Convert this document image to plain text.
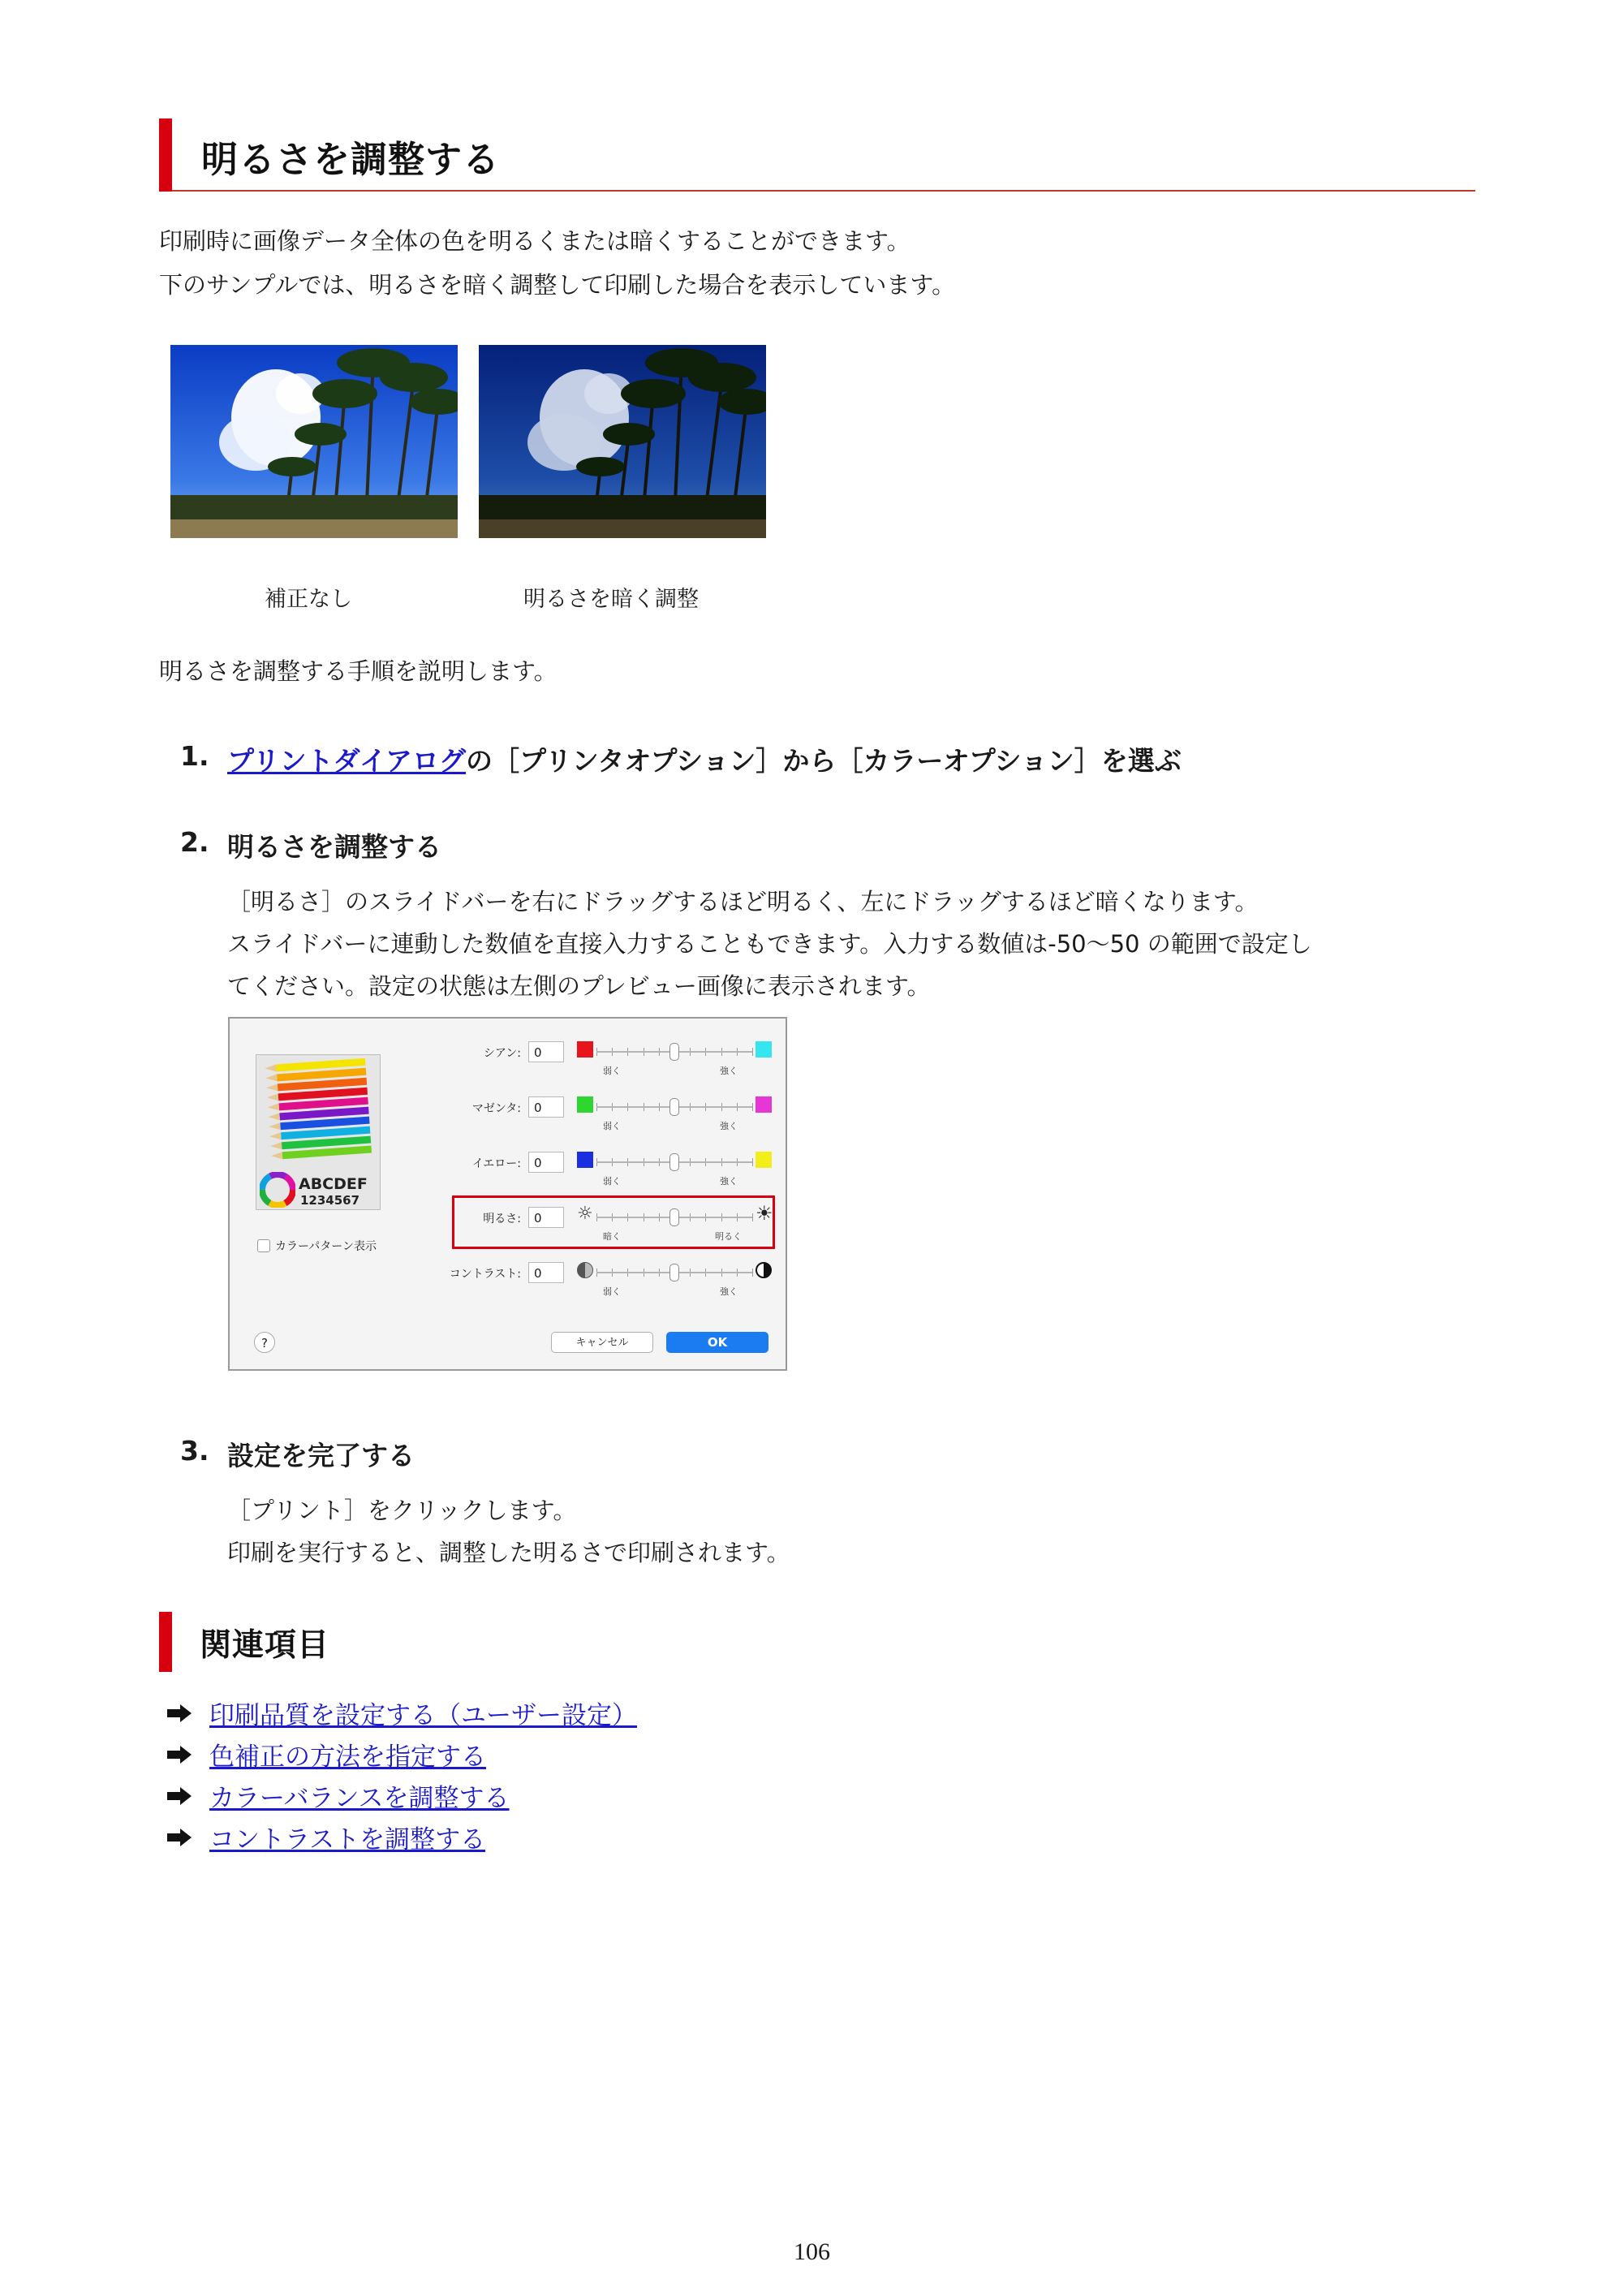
明るさを調整する
印刷時に画像データ全体の色を明るくまたは暗くすることができます。
下のサンプルでは、明るさを暗く調整して印刷した場合を表示しています。
補正なし	明るさを暗く調整
明るさを調整する手順を説明します。
1. プリントダイアログの［プリンタオプション］から［カラーオプション］を選ぶ
2. 明るさを調整する
［明るさ］のスライドバーを右にドラッグするほど明るく、左にドラッグするほど暗くなります。
スライドバーに連動した数値を直接入力することもできます。入力する数値は-50～50 の範囲で設定し
てください。設定の状態は左側のプレビュー画像に表示されます。
ABCDEF
1234567
カラーパターン表示
シアン:	0
弱く	強く
マゼンタ:	0
弱く	強く
イエロー:	0
弱く	強く
明るさ:	0	☼	☀
暗く	明るく
コントラスト:	0
弱く	強く
?	キャンセル	OK
3. 設定を完了する
［プリント］をクリックします。
印刷を実行すると、調整した明るさで印刷されます。
関連項目
印刷品質を設定する（ユーザー設定）
色補正の方法を指定する
カラーバランスを調整する
コントラストを調整する
106
